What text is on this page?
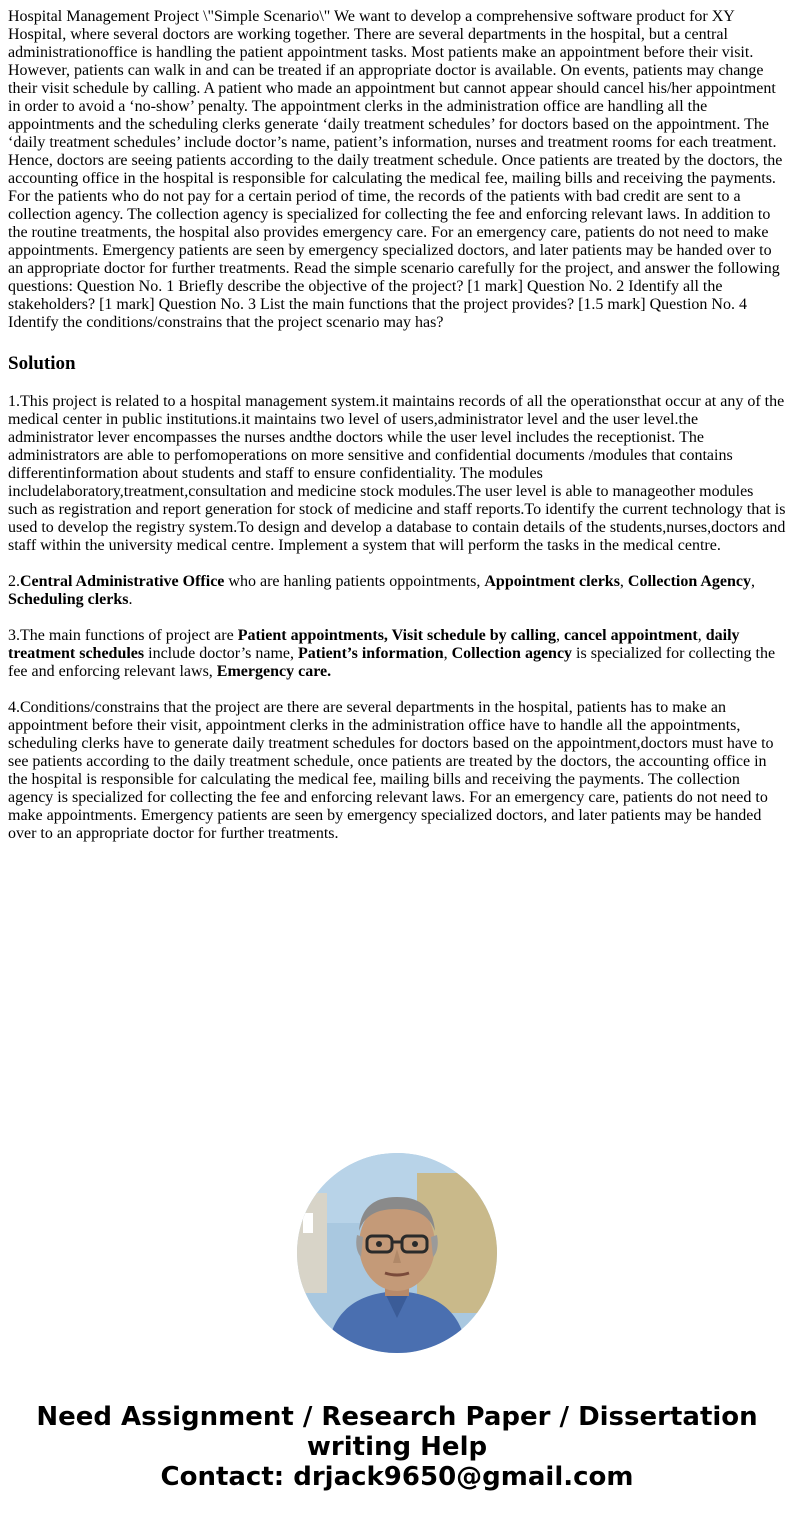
Hospital Management Project \"Simple Scenario\" We want to develop a comprehensive software product for XY Hospital, where several doctors are working together. There are several departments in the hospital, but a central administrationoffice is handling the patient appointment tasks. Most patients make an appointment before their visit. However, patients can walk in and can be treated if an appropriate doctor is available. On events, patients may change their visit schedule by calling. A patient who made an appointment but cannot appear should cancel his/her appointment in order to avoid a ‘no-show’ penalty. The appointment clerks in the administration office are handling all the appointments and the scheduling clerks generate ‘daily treatment schedules’ for doctors based on the appointment. The ‘daily treatment schedules’ include doctor’s name, patient’s information, nurses and treatment rooms for each treatment. Hence, doctors are seeing patients according to the daily treatment schedule. Once patients are treated by the doctors, the accounting office in the hospital is responsible for calculating the medical fee, mailing bills and receiving the payments. For the patients who do not pay for a certain period of time, the records of the patients with bad credit are sent to a collection agency. The collection agency is specialized for collecting the fee and enforcing relevant laws. In addition to the routine treatments, the hospital also provides emergency care. For an emergency care, patients do not need to make appointments. Emergency patients are seen by emergency specialized doctors, and later patients may be handed over to an appropriate doctor for further treatments. Read the simple scenario carefully for the project, and answer the following questions: Question No. 1 Briefly describe the objective of the project? [1 mark] Question No. 2 Identify all the stakeholders? [1 mark] Question No. 3 List the main functions that the project provides? [1.5 mark] Question No. 4 Identify the conditions/constrains that the project scenario may has?

Solution

1.This project is related to a hospital management system.it maintains records of all the operationsthat occur at any of the medical center in public institutions.it maintains two level of users,administrator level and the user level.the administrator lever encompasses the nurses andthe doctors while the user level includes the receptionist. The administrators are able to perfomoperations on more sensitive and confidential documents /modules that contains differentinformation about students and staff to ensure confidentiality. The modules includelaboratory,treatment,consultation and medicine stock modules.The user level is able to manageother modules such as registration and report generation for stock of medicine and staff reports.To identify the current technology that is used to develop the registry system.To design and develop a database to contain details of the students,nurses,doctors and staff within the university medical centre. Implement a system that will perform the tasks in the medical centre.

2.Central Administrative Office who are hanling patients oppointments, Appointment clerks, Collection Agency, Scheduling clerks.

3.The main functions of project are Patient appointments, Visit schedule by calling, cancel appointment, daily treatment schedules include doctor’s name, Patient’s information, Collection agency is specialized for collecting the fee and enforcing relevant laws, Emergency care.

4.Conditions/constrains that the project are there are several departments in the hospital, patients has to make an appointment before their visit, appointment clerks in the administration office have to handle all the appointments, scheduling clerks have to generate daily treatment schedules for doctors based on the appointment,doctors must have to see patients according to the daily treatment schedule, once patients are treated by the doctors, the accounting office in the hospital is responsible for calculating the medical fee, mailing bills and receiving the payments. The collection agency is specialized for collecting the fee and enforcing relevant laws. For an emergency care, patients do not need to make appointments. Emergency patients are seen by emergency specialized doctors, and later patients may be handed over to an appropriate doctor for further treatments.

Need Assignment / Research Paper / Dissertation
writing Help
Contact: drjack9650@gmail.com
